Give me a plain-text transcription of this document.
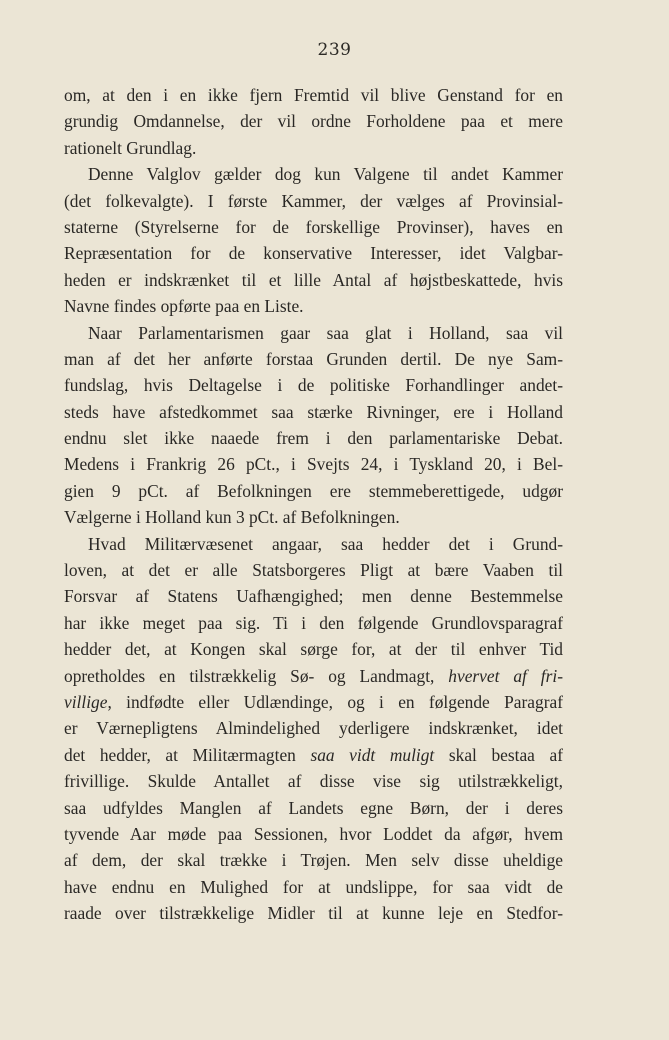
239
om, at den i en ikke fjern Fremtid vil blive Genstand for en
grundig Omdannelse, der vil ordne Forholdene paa et mere
rationelt Grundlag.
Denne Valglov gælder dog kun Valgene til andet Kammer
(det folkevalgte). I første Kammer, der vælges af Provinsial-
staterne (Styrelserne for de forskellige Provinser), haves en
Repræsentation for de konservative Interesser, idet Valgbar-
heden er indskrænket til et lille Antal af højstbeskattede, hvis
Navne findes opførte paa en Liste.
Naar Parlamentarismen gaar saa glat i Holland, saa vil
man af det her anførte forstaa Grunden dertil. De nye Sam-
fundslag, hvis Deltagelse i de politiske Forhandlinger andet-
steds have afstedkommet saa stærke Rivninger, ere i Holland
endnu slet ikke naaede frem i den parlamentariske Debat.
Medens i Frankrig 26 pCt., i Svejts 24, i Tyskland 20, i Bel-
gien 9 pCt. af Befolkningen ere stemmeberettigede, udgør
Vælgerne i Holland kun 3 pCt. af Befolkningen.
Hvad Militærvæsenet angaar, saa hedder det i Grund-
loven, at det er alle Statsborgeres Pligt at bære Vaaben til
Forsvar af Statens Uafhængighed; men denne Bestemmelse
har ikke meget paa sig. Ti i den følgende Grundlovsparagraf
hedder det, at Kongen skal sørge for, at der til enhver Tid
opretholdes en tilstrækkelig Sø- og Landmagt, hvervet af fri-
villige, indfødte eller Udlændinge, og i en følgende Paragraf
er Værnepligtens Almindelighed yderligere indskrænket, idet
det hedder, at Militærmagten saa vidt muligt skal bestaa af
frivillige. Skulde Antallet af disse vise sig utilstrækkeligt,
saa udfyldes Manglen af Landets egne Børn, der i deres
tyvende Aar møde paa Sessionen, hvor Loddet da afgør, hvem
af dem, der skal trække i Trøjen. Men selv disse uheldige
have endnu en Mulighed for at undslippe, for saa vidt de
raade over tilstrækkelige Midler til at kunne leje en Stedfor-
